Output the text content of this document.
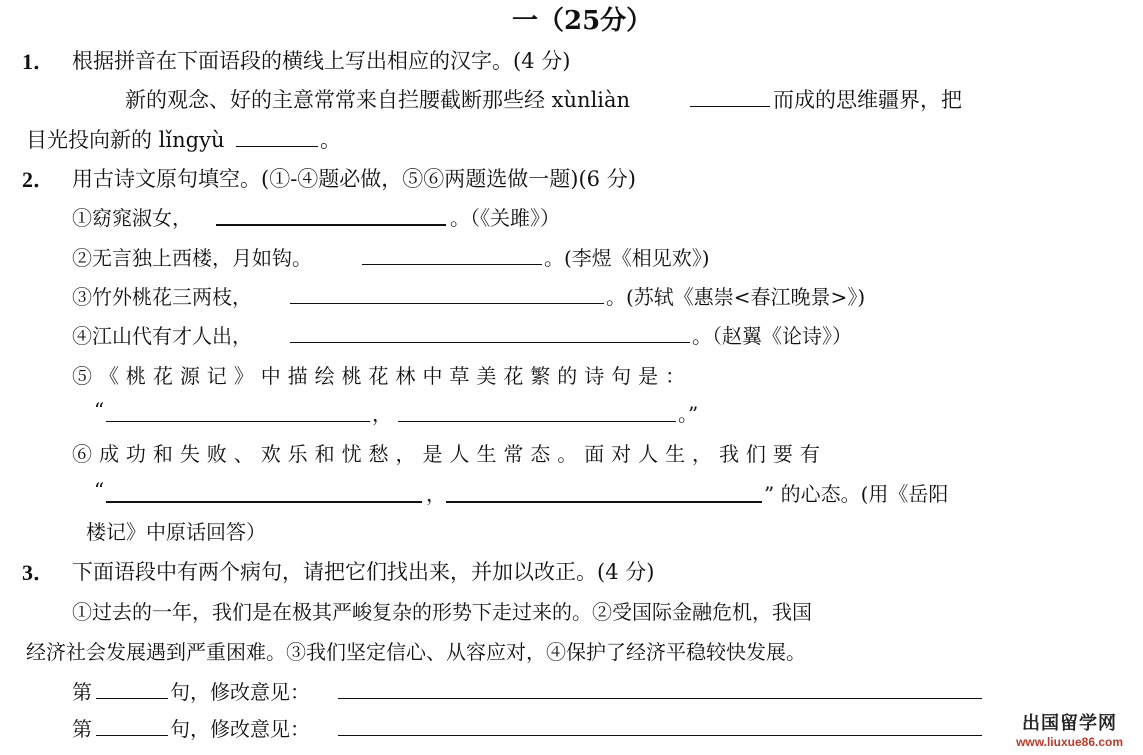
一（25分）
1． 根据拼音在下面语段的横线上写出相应的汉字。(4 分)
新的观念、好的主意常常来自拦腰截断那些经 xùnliàn	而成的思维疆界，把
目光投向新的 lǐngyù	。
2． 用古诗文原句填空。(①-④题必做，⑤⑥两题选做一题)(6 分)
①窈窕淑女，	。（《关雎》）
②无言独上西楼，月如钩。	。(李煜《相见欢》)
③竹外桃花三两枝，	。(苏轼《惠崇<春江晚景>》)
④江山代有才人出，	。（赵翼《论诗》）
⑤ 《 桃 花 源 记 》 中 描 绘 桃 花 林 中 草 美 花 繁 的 诗 句 是 ：
“	，	。”
⑥ 成 功 和 失 败 、 欢 乐 和 忧 愁 ， 是 人 生 常 态 。 面 对 人 生 ， 我 们 要 有
“	，	” 的心态。(用《岳阳
楼记》中原话回答）
3． 下面语段中有两个病句，请把它们找出来，并加以改正。(4 分)
①过去的一年，我们是在极其严峻复杂的形势下走过来的。②受国际金融危机，我国
经济社会发展遇到严重困难。③我们坚定信心、从容应对，④保护了经济平稳较快发展。
第	句，修改意见：
第	句，修改意见：	出国留学网
www.liuxue86.com
